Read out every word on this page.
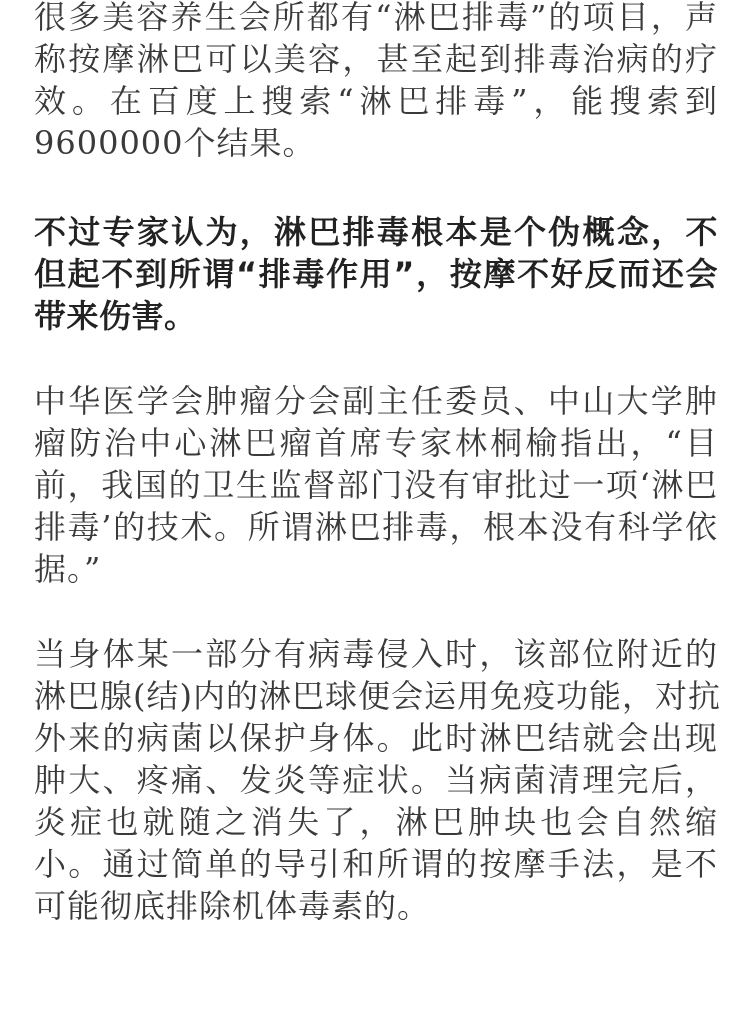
很多美容养生会所都有“淋巴排毒”的项目，声
称按摩淋巴可以美容，甚至起到排毒治病的疗
效。在百度上搜索“淋巴排毒”，能搜索到
9600000个结果。

不过专家认为，淋巴排毒根本是个伪概念，不
但起不到所谓“排毒作用”，按摩不好反而还会
带来伤害。

中华医学会肿瘤分会副主任委员、中山大学肿
瘤防治中心淋巴瘤首席专家林桐榆指出，“目
前，我国的卫生监督部门没有审批过一项‘淋巴
排毒’的技术。所谓淋巴排毒，根本没有科学依
据。”

当身体某一部分有病毒侵入时，该部位附近的
淋巴腺(结)内的淋巴球便会运用免疫功能，对抗
外来的病菌以保护身体。此时淋巴结就会出现
肿大、疼痛、发炎等症状。当病菌清理完后，
炎症也就随之消失了，淋巴肿块也会自然缩
小。通过简单的导引和所谓的按摩手法，是不
可能彻底排除机体毒素的。
